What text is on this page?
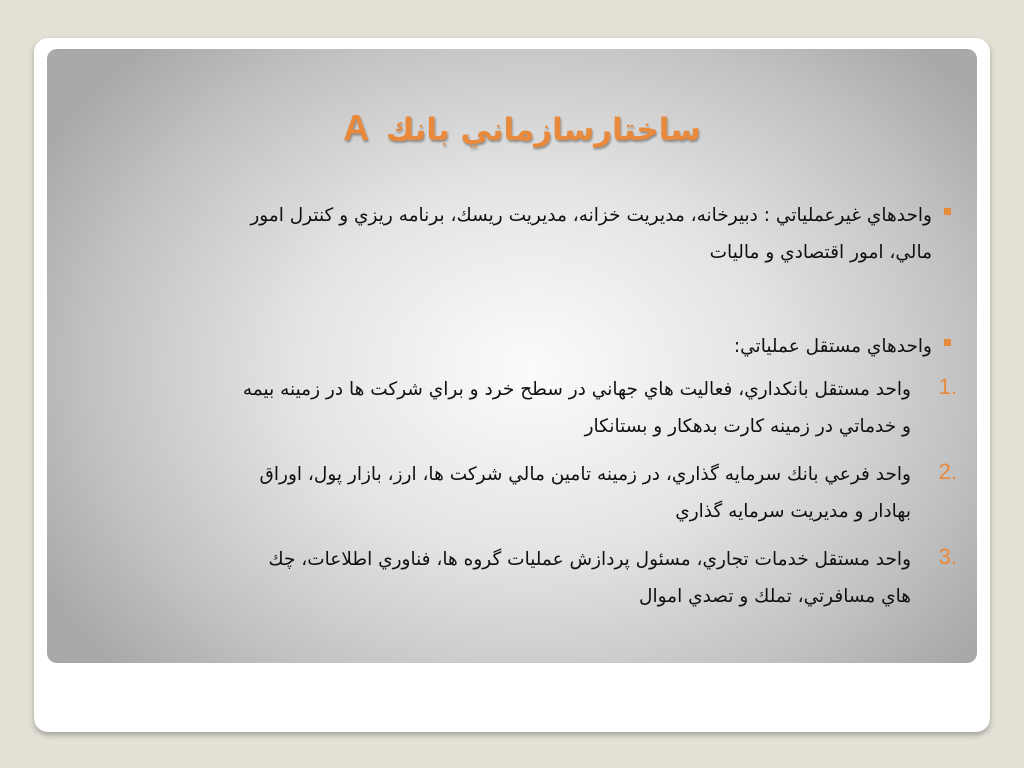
ساختارسازماني بانك A
واحدهاي غيرعملياتي : دبيرخانه، مديريت خزانه، مديريت ريسك، برنامه ريزي و كنترل امور
مالي، امور اقتصادي و ماليات
واحدهاي مستقل عملياتي:
1.
واحد مستقل بانكداري، فعاليت هاي جهاني در سطح خرد و براي شركت ها در زمينه بيمه
و خدماتي در زمينه كارت بدهكار و بستانكار
2.
واحد فرعي بانك سرمايه گذاري، در زمينه تامين مالي شركت ها، ارز، بازار پول، اوراق
بهادار و مديريت سرمايه گذاري
3.
واحد مستقل خدمات تجاري، مسئول پردازش عمليات گروه ها، فناوري اطلاعات، چك
هاي مسافرتي، تملك و تصدي اموال
